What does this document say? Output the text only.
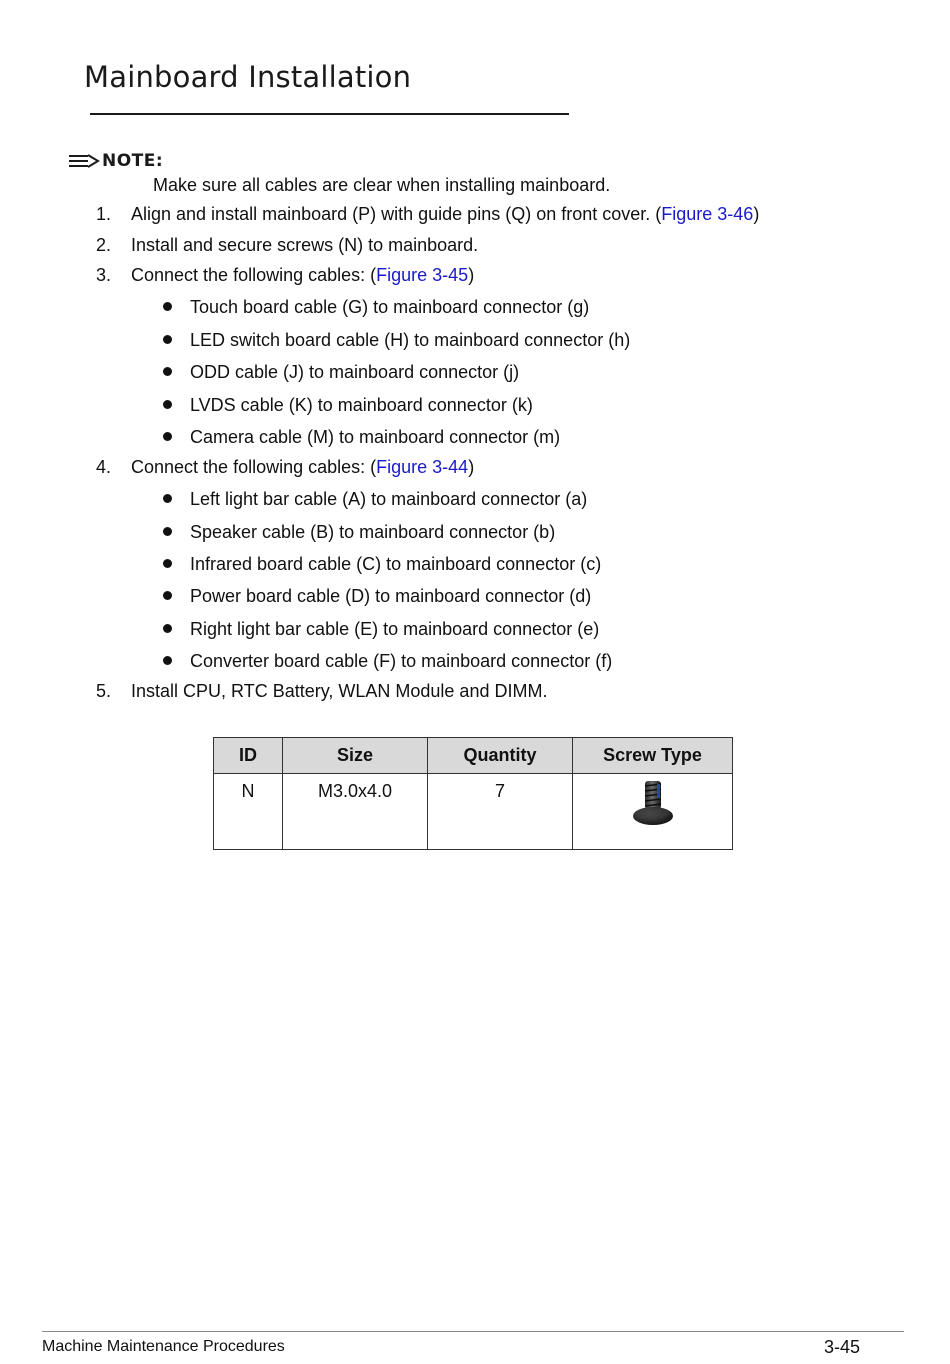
Mainboard Installation
NOTE:
Make sure all cables are clear when installing mainboard.
1. Align and install mainboard (P) with guide pins (Q) on front cover. (Figure 3-46)
2. Install and secure screws (N) to mainboard.
3. Connect the following cables: (Figure 3-45)
Touch board cable (G) to mainboard connector (g)
LED switch board cable (H) to mainboard connector (h)
ODD cable (J) to mainboard connector (j)
LVDS cable (K) to mainboard connector (k)
Camera cable (M) to mainboard connector (m)
4. Connect the following cables: (Figure 3-44)
Left light bar cable (A) to mainboard connector (a)
Speaker cable (B) to mainboard connector (b)
Infrared board cable (C) to mainboard connector (c)
Power board cable (D) to mainboard connector (d)
Right light bar cable (E) to mainboard connector (e)
Converter board cable (F) to mainboard connector (f)
5. Install CPU, RTC Battery, WLAN Module and DIMM.
ID	Size	Quantity	Screw Type
N	M3.0x4.0	7	
Machine Maintenance Procedures	3-45
